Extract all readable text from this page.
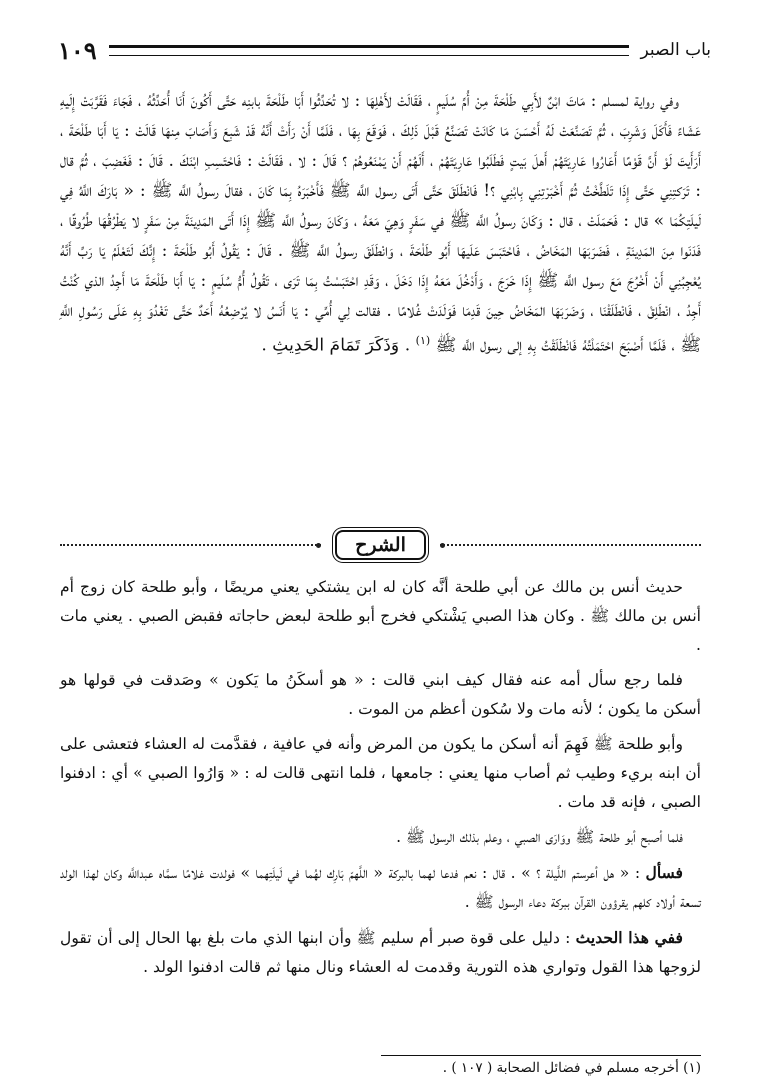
باب الصبر
١٠٩

وفي رواية لمسلم : مَاتَ ابْنٌ لأَبِي طَلْحَةَ مِنْ أُمِّ سُلَيمٍ ، فَقَالَتْ لأَهْلِهَا : لا تُحَدِّثُوا أَبَا طَلْحَةَ بابنِه حَتَّى أَكُونَ أَنَا أُحَدِّثُهُ ، فَجَاءَ فَقَرَّبَتْ إِلَيهِ عَشَاءً فَأَكَلَ وَشَرِبَ ، ثُمَّ تَصَنَّعَتْ لَهُ أَحْسَنَ مَا كَانَتْ تَصَنَّعُ قَبْلَ ذَلِكَ ، فَوَقَعَ بِهَا ، فَلَمَّا أَنْ رَأَتْ أَنَّهُ قَدْ شَبِعَ وَأَصَابَ مِنهَا قَالَتْ : يَا أَبَا طَلْحَةَ ، أَرَأَيتَ لَوْ أَنَّ قَوْمًا أَعَارُوا عَارِيَتَهُمْ أَهلَ بَيتٍ فَطَلَبُوا عَارِيَتَهُمْ ، أَلَهُمْ أَنْ يَمْنَعُوهُمْ ؟ قَالَ : لا ، فَقَالَتْ : فَاحْتَسِبِ ابْنَكَ . قَالَ : فَغَضِبَ ، ثُمَّ قال : تَرَكتِنِي حَتَّى إِذَا تَلَطَّخْتُ ثُمَّ أَخْبَرْتِنِي بِابْنِي ؟! فَانْطَلَقَ حَتَّى أَتَى رسول اللَّه ﷺ فَأَخْبَرَهُ بِمَا كَانَ ، فقالَ رسولُ اللَّه ﷺ : « بَارَكَ اللَّهُ فِي لَيلَتِكُمَا » قال : فَحَمَلَتْ ، قال : وَكَانَ رسولُ اللَّه ﷺ في سَفَرٍ وَهِيَ مَعَهُ ، وَكَانَ رسولُ اللَّه ﷺ إِذَا أَتَى المَدِينَةَ مِنْ سَفَرٍ لا يَطْرُقُهَا طُرُوقًا ، فَدَنَوا مِنَ المَدِينَةِ ، فَضَرَبَهَا المَخَاضُ ، فَاحْتَبَسَ عَلَيهَا أَبُو طَلْحَةَ ، وَانْطَلَقَ رسولُ اللَّه ﷺ . قَالَ : يَقُولُ أَبُو طَلْحَةَ : إِنَّكَ لَتَعْلَمُ يَا رَبِّ أَنَّهُ يُعْجِبُنِي أَنْ أَخْرُجَ مَعَ رسول اللَّه ﷺ إِذَا خَرَجَ ، وَأَدْخُلَ مَعَهُ إِذَا دَخَلَ ، وَقَدِ احْتَبَسْتُ بِمَا تَرَى ، تَقُولُ أُمُّ سُلَيمٍ : يَا أَبَا طَلْحَةَ مَا أَجِدُ الذي كُنْتُ أَجِدُ ، انْطَلِقْ ، فَانْطَلَقْنَا ، وَضَرَبَهَا المَخَاضُ حِينَ قَدِمَا فَوَلَدَتْ غُلامًا . فقالت لِي أُمِّي : يَا أَنَسُ لا يُرْضِعُهُ أَحَدٌ حَتَّى تَغْدُوَ بِهِ عَلَى رَسُولِ اللَّهِ ﷺ ، فَلَمَّا أَصْبَحَ احْتَمَلْتُهُ فَانْطَلَقْتُ بِهِ إلى رسول اللَّه ﷺ $^{(١)}$ . وَذَكَرَ تَمَامَ الحَدِيثِ .

الشرح

حديث أنس بن مالك عن أبي طلحة أنَّه كان له ابن يشتكي يعني مريضًا ، وأبو طلحة كان زوج أم أنس بن مالك ﷺ . وكان هذا الصبي يَشْتكي فخرج أبو طلحة لبعض حاجاته فقبض الصبي . يعني مات .

فلما رجع سأل أمه عنه فقال كيف ابني قالت : « هو أسكَنُ ما يَكون » وصَدقت في قولها هو أسكن ما يكون ؛ لأنه مات ولا سُكون أعظم من الموت .

وأبو طلحة ﷺ فَهِمَ أنه أسكن ما يكون من المرض وأنه في عافية ، فقدَّمت له العشاء فتعشى على أن ابنه بريء وطيب ثم أصاب منها يعني : جامعها ، فلما انتهى قالت له : « وَارُوا الصبي » أي : ادفنوا الصبي ، فإنه قد مات .

فلما أصبح أبو طلحة ﷺ ووَارَى الصبي ، وعلم بذلك الرسول ﷺ .

فسأل : « هل أعرستم اللَّيلة ؟ » . قال : نعم فدعا لهما بالبركة « اللَّهمّ بَارِك لهُما في لَيلَتِهما » فولدت غلامًا سمَّاه عبداللَّه وكان لهذا الولد تسعة أولاد كلهم يقرؤون القرآن ببركة دعاء الرسول ﷺ .

ففي هذا الحديث : دليل على قوة صبر أم سليم ﷺ وأن ابنها الذي مات بلغ بها الحال إلى أن تقول لزوجها هذا القول وتواري هذه التورية وقدمت له العشاء ونال منها ثم قالت ادفنوا الولد .

(١) أخرجه مسلم في فضائل الصحابة ( ١٠٧ ) .
